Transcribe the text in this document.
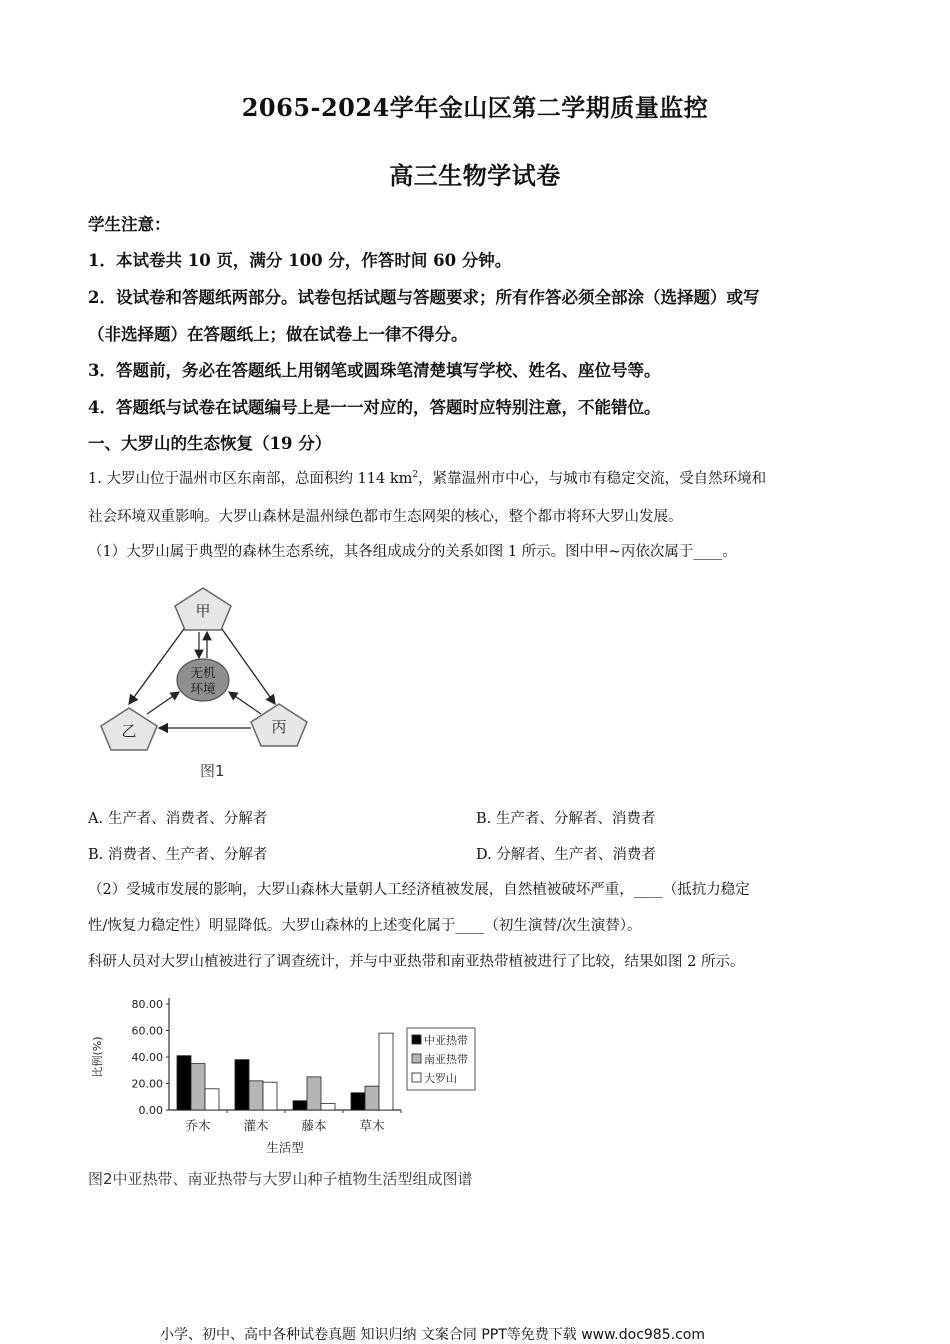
2065-2024学年金山区第二学期质量监控
高三生物学试卷
学生注意：
1．本试卷共 10 页，满分 100 分，作答时间 60 分钟。
2．设试卷和答题纸两部分。试卷包括试题与答题要求；所有作答必须全部涂（选择题）或写
（非选择题）在答题纸上；做在试卷上一律不得分。
3．答题前，务必在答题纸上用钢笔或圆珠笔清楚填写学校、姓名、座位号等。
4．答题纸与试卷在试题编号上是一一对应的，答题时应特别注意，不能错位。
一、大罗山的生态恢复（19 分）
1. 大罗山位于温州市区东南部，总面积约 114 $km^2$，紧靠温州市中心，与城市有稳定交流，受自然环境和
社会环境双重影响。大罗山森林是温州绿色都市生态网架的核心，整个都市将环大罗山发展。
（1）大罗山属于典型的森林生态系统，其各组成成分的关系如图 1 所示。图中甲~丙依次属于____。
甲
乙	丙
无机
环境
图1
A. 生产者、消费者、分解者	B. 生产者、分解者、消费者
B. 消费者、生产者、分解者	D. 分解者、生产者、消费者
（2）受城市发展的影响，大罗山森林大量朝人工经济植被发展，自然植被破坏严重，____（抵抗力稳定
性/恢复力稳定性）明显降低。大罗山森林的上述变化属于____（初生演替/次生演替）。
科研人员对大罗山植被进行了调查统计，并与中亚热带和南亚热带植被进行了比较，结果如图 2 所示。
0.00
20.00
40.00
60.00
80.00
比例(%)
乔木	灌木	藤本	草木
生活型
中亚热带
南亚热带
大罗山
图2中亚热带、南亚热带与大罗山种子植物生活型组成图谱
小学、初中、高中各种试卷真题 知识归纳 文案合同 PPT等免费下载 www.doc985.com
